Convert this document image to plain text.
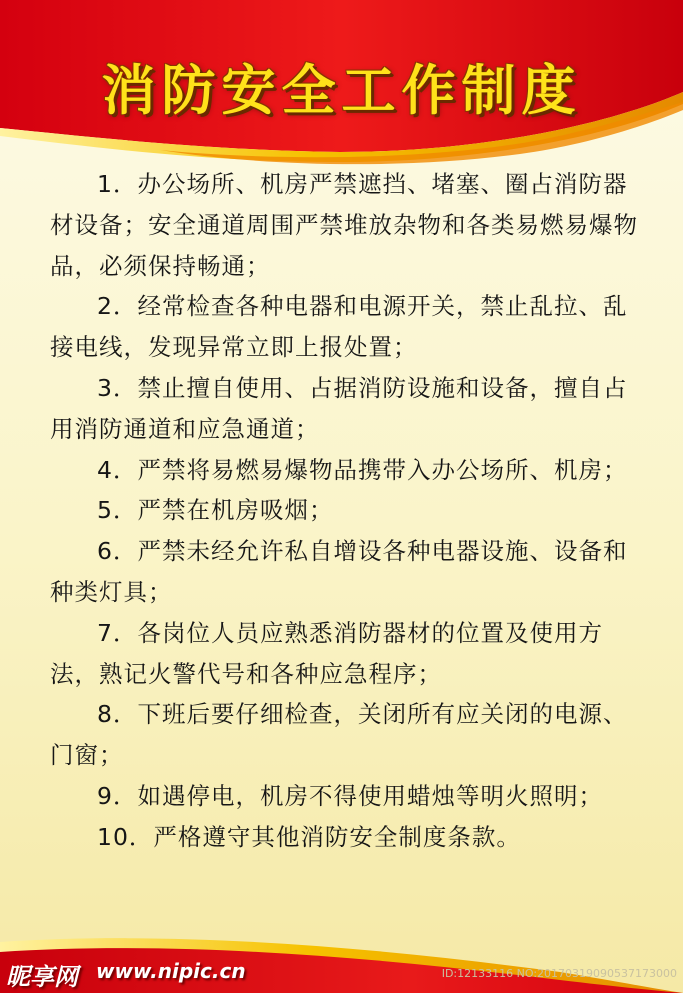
消防安全工作制度
1．办公场所、机房严禁遮挡、堵塞、圈占消防器材设备；安全通道周围严禁堆放杂物和各类易燃易爆物品，必须保持畅通；
2．经常检查各种电器和电源开关，禁止乱拉、乱接电线，发现异常立即上报处置；
3．禁止擅自使用、占据消防设施和设备，擅自占用消防通道和应急通道；
4．严禁将易燃易爆物品携带入办公场所、机房；
5．严禁在机房吸烟；
6．严禁未经允许私自增设各种电器设施、设备和种类灯具；
7．各岗位人员应熟悉消防器材的位置及使用方法，熟记火警代号和各种应急程序；
8．下班后要仔细检查，关闭所有应关闭的电源、门窗；
9．如遇停电，机房不得使用蜡烛等明火照明；
10．严格遵守其他消防安全制度条款。
昵享网 www.nipic.cn	ID:12133116 NO:20170319090537173000
